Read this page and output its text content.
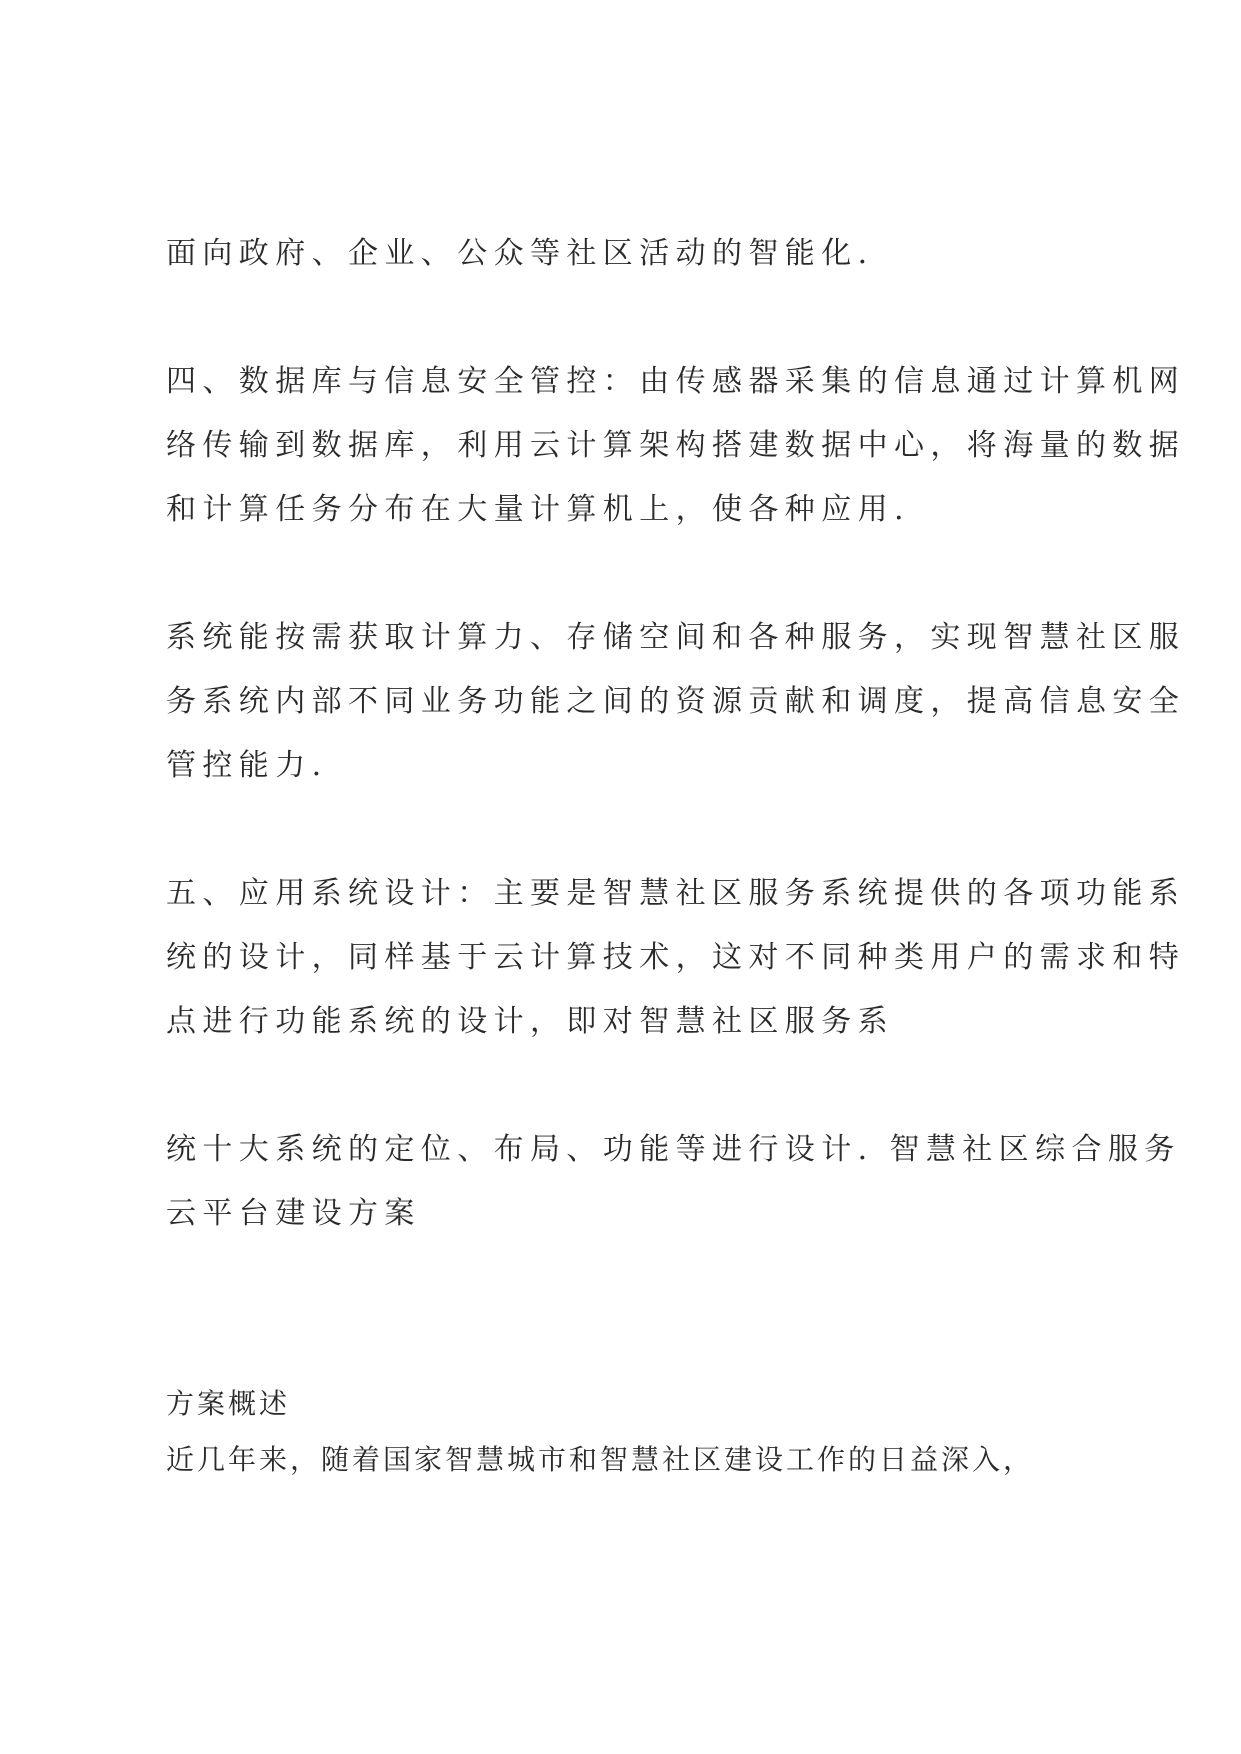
面向政府、企业、公众等社区活动的智能化.
四、数据库与信息安全管控：由传感器采集的信息通过计算机网
络传输到数据库，利用云计算架构搭建数据中心，将海量的数据
和计算任务分布在大量计算机上，使各种应用.
系统能按需获取计算力、存储空间和各种服务，实现智慧社区服
务系统内部不同业务功能之间的资源贡献和调度，提高信息安全
管控能力.
五、应用系统设计：主要是智慧社区服务系统提供的各项功能系
统的设计，同样基于云计算技术，这对不同种类用户的需求和特
点进行功能系统的设计，即对智慧社区服务系
统十大系统的定位、布局、功能等进行设计. 智慧社区综合服务
云平台建设方案
方案概述
近几年来，随着国家智慧城市和智慧社区建设工作的日益深入，
